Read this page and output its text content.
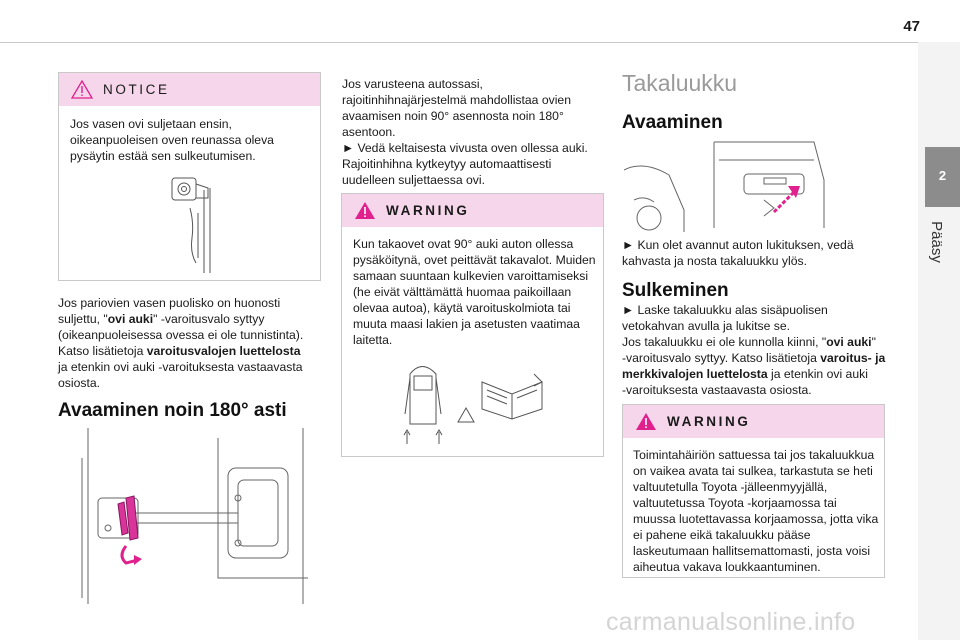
47
2
Pääsy
NOTICE
Jos vasen ovi suljetaan ensin,
oikeanpuoleisen oven reunassa oleva
pysäytin estää sen sulkeutumisen.
Jos pariovien vasen puolisko on huonosti
suljettu, "ovi auki" -varoitusvalo syttyy
(oikeanpuoleisessa ovessa ei ole tunnistinta).
Katso lisätietoja varoitusvalojen luettelosta
ja etenkin ovi auki -varoituksesta vastaavasta
osiosta.
Avaaminen noin 180° asti
Jos varusteena autossasi,
rajoitinhihnajärjestelmä mahdollistaa ovien
avaamisen noin 90° asennosta noin 180°
asentoon.
► Vedä keltaisesta vivusta oven ollessa auki.
Rajoitinhihna kytkeytyy automaattisesti
uudelleen suljettaessa ovi.
WARNING
Kun takaovet ovat 90° auki auton ollessa
pysäköitynä, ovet peittävät takavalot. Muiden
samaan suuntaan kulkevien varoittamiseksi
(he eivät välttämättä huomaa paikoillaan
olevaa autoa), käytä varoituskolmiota tai
muuta maasi lakien ja asetusten vaatimaa
laitetta.
Takaluukku
Avaaminen
► Kun olet avannut auton lukituksen, vedä
kahvasta ja nosta takaluukku ylös.
Sulkeminen
► Laske takaluukku alas sisäpuolisen
vetokahvan avulla ja lukitse se.
Jos takaluukku ei ole kunnolla kiinni, "ovi auki"
-varoitusvalo syttyy. Katso lisätietoja varoitus- ja
merkkivalojen luettelosta ja etenkin ovi auki
-varoituksesta vastaavasta osiosta.
WARNING
Toimintahäiriön sattuessa tai jos takaluukkua
on vaikea avata tai sulkea, tarkastuta se heti
valtuutetulla Toyota -jälleenmyyjällä,
valtuutetussa Toyota -korjaamossa tai
muussa luotettavassa korjaamossa, jotta vika
ei pahene eikä takaluukku pääse
laskeutumaan hallitsemattomasti, josta voisi
aiheutua vakava loukkaantuminen.
carmanualsonline.info
